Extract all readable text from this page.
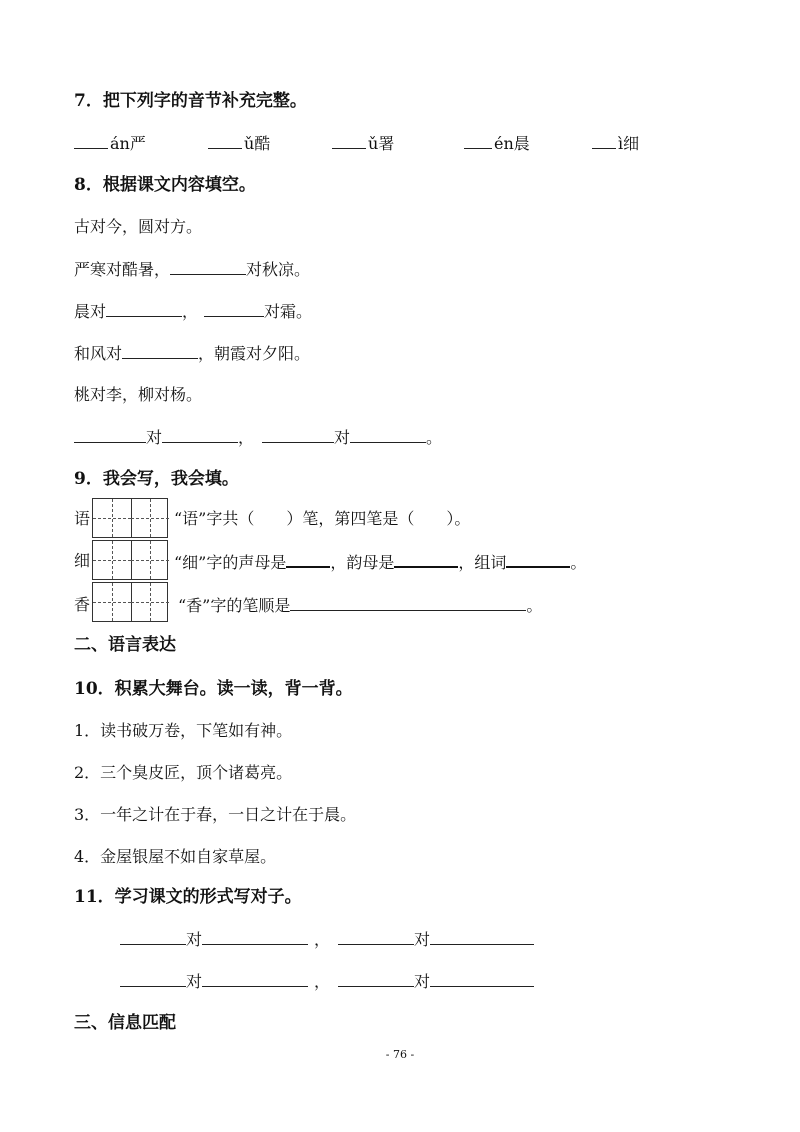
7．把下列字的音节补充完整。
án严	ǔ酷	ǔ署	én晨	ì细
8．根据课文内容填空。
古对今，圆对方。
严寒对酷暑，	对秋凉。
晨对	，	对霜。
和风对	，朝霞对夕阳。
桃对李，柳对杨。
对	，	对	。
9．我会写，我会填。
语	“语”字共（　　）笔，第四笔是（　　）。
细	“细”字的声母是	，韵母是	，组词	。
香	“香”字的笔顺是	。
二、语言表达
10．积累大舞台。读一读，背一背。
1．读书破万卷，下笔如有神。
2．三个臭皮匠，顶个诸葛亮。
3．一年之计在于春，一日之计在于晨。
4．金屋银屋不如自家草屋。
11．学习课文的形式写对子。
对	，	对
对	，	对
三、信息匹配
- 76 -
